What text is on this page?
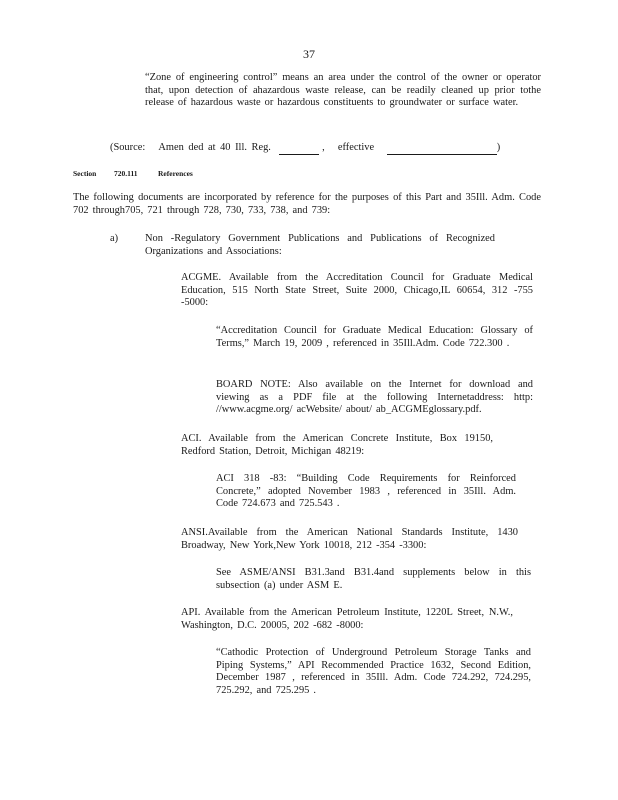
37

“Zone of engineering control” means an area under the control of the owner or operator that, upon detection of ahazardous waste release, can be readily cleaned up prior tothe release of hazardous waste or hazardous constituents to groundwater or surface water.

(Source: Amen ded at 40 Ill. Reg.	, effective	)
Section 720.111	References

The following documents are incorporated by reference for the purposes of this Part and 35Ill. Adm. Code 702 through705, 721 through 728, 730, 733, 738, and 739:

a)	Non -Regulatory Government Publications and Publications of Recognized Organizations and Associations:

ACGME. Available from the Accreditation Council for Graduate Medical Education, 515 North State Street, Suite 2000, Chicago,IL 60654, 312 -755 -5000:

“Accreditation Council for Graduate Medical Education: Glossary of Terms,” March 19, 2009 , referenced in 35Ill.Adm. Code 722.300 .

BOARD NOTE: Also available on the Internet for download and viewing as a PDF file at the following Internetaddress: http: //www.acgme.org/ acWebsite/ about/ ab_ACGMEglossary.pdf.

ACI. Available from the American Concrete Institute, Box 19150, Redford Station, Detroit, Michigan 48219:

ACI 318 -83: “Building Code Requirements for Reinforced Concrete,” adopted November 1983 , referenced in 35Ill. Adm. Code 724.673 and 725.543 .

ANSI.Available from the American National Standards Institute, 1430 Broadway, New York,New York 10018, 212 -354 -3300:

See ASME/ANSI B31.3and B31.4and supplements below in this subsection (a) under ASM E.

API. Available from the American Petroleum Institute, 1220L Street, N.W., Washington, D.C. 20005, 202 -682 -8000:

“Cathodic Protection of Underground Petroleum Storage Tanks and Piping Systems,” API Recommended Practice 1632, Second Edition, December 1987 , referenced in 35Ill. Adm. Code 724.292, 724.295, 725.292, and 725.295 .
